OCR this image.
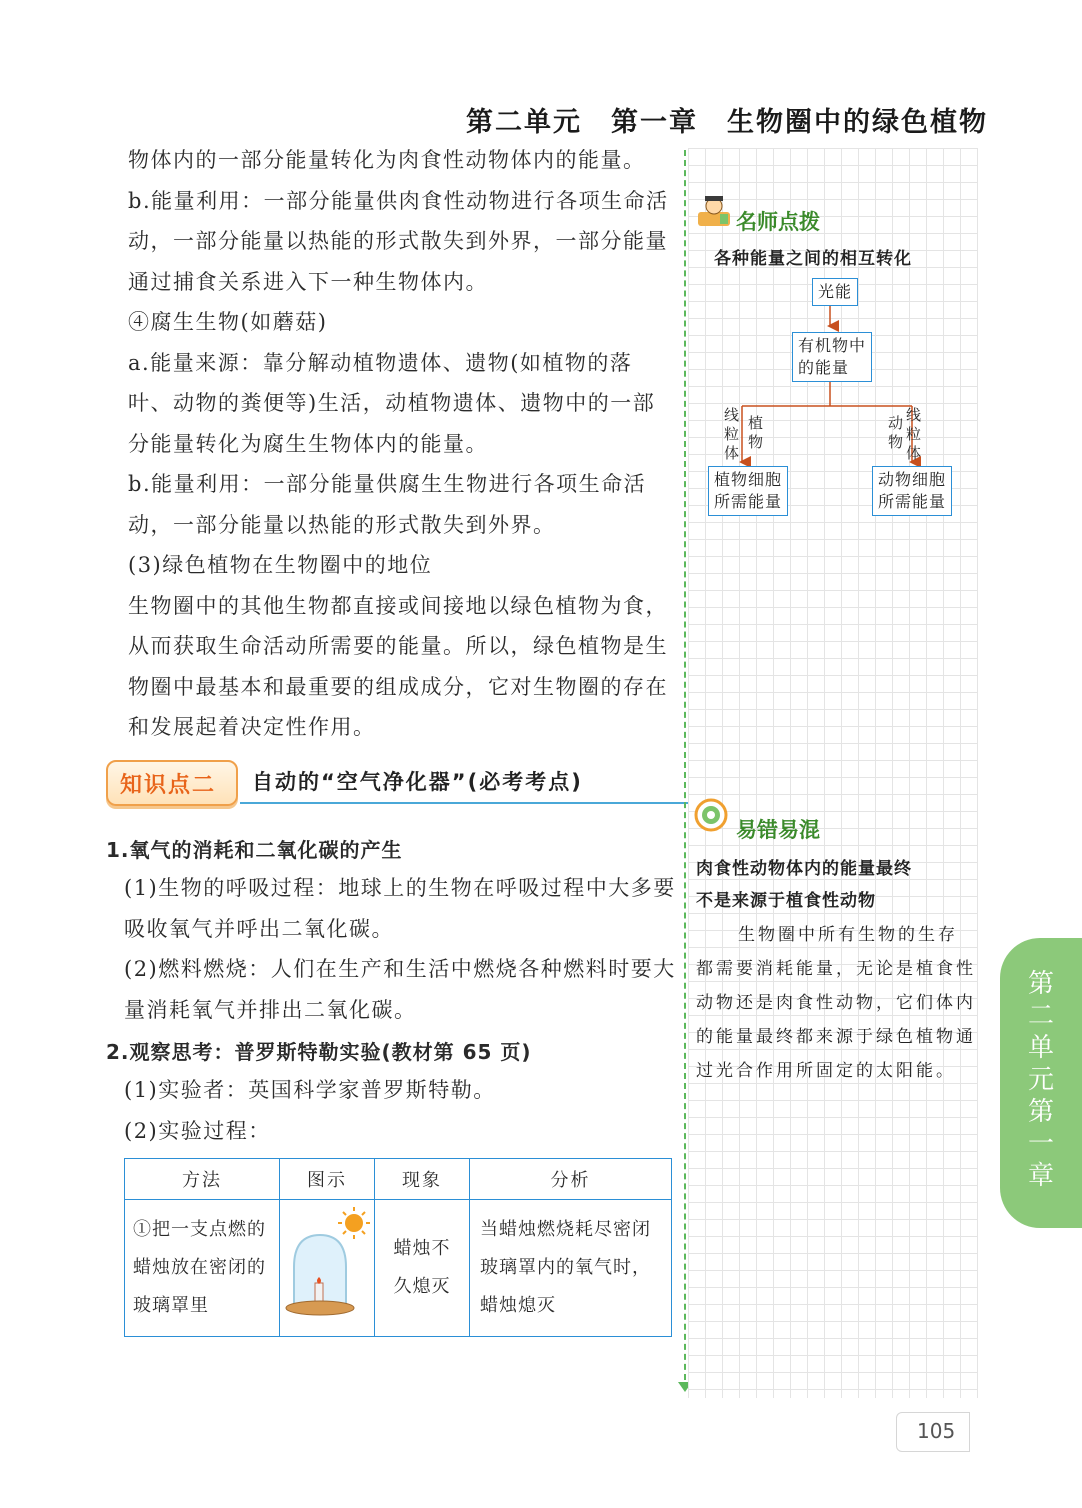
第二单元　第一章　生物圈中的绿色植物

物体内的一部分能量转化为肉食性动物体内的能量。

b.能量利用：一部分能量供肉食性动物进行各项生命活动，一部分能量以热能的形式散失到外界，一部分能量通过捕食关系进入下一种生物体内。

④腐生生物(如蘑菇)

a.能量来源：靠分解动植物遗体、遗物(如植物的落叶、动物的粪便等)生活，动植物遗体、遗物中的一部分能量转化为腐生生物体内的能量。

b.能量利用：一部分能量供腐生生物进行各项生命活动，一部分能量以热能的形式散失到外界。

(3)绿色植物在生物圈中的地位

生物圈中的其他生物都直接或间接地以绿色植物为食，从而获取生命活动所需要的能量。所以，绿色植物是生物圈中最基本和最重要的组成成分，它对生物圈的存在和发展起着决定性作用。

知识点二 自动的“空气净化器”(必考考点)
1.氧气的消耗和二氧化碳的产生

(1)生物的呼吸过程：地球上的生物在呼吸过程中大多要吸收氧气并呼出二氧化碳。

(2)燃料燃烧：人们在生产和生活中燃烧各种燃料时要大量消耗氧气并排出二氧化碳。

2.观察思考：普罗斯特勒实验(教材第 65 页)

(1)实验者：英国科学家普罗斯特勒。

(2)实验过程：

方法	图示	现象	分析
①把一支点燃的蜡烛放在密闭的玻璃罩里		蜡烛不久熄灭	当蜡烛燃烧耗尽密闭玻璃罩内的氧气时，蜡烛熄灭
名师点拨
各种能量之间的相互转化
光能
有机物中
的能量
线粒体
植物
动物
线粒体
植物细胞
所需能量
动物细胞
所需能量
易错易混
肉食性动物体内的能量最终
不是来源于植食性动物
生物圈中所有生物的生存都需要消耗能量，无论是植食性动物还是肉食性动物，它们体内的能量最终都来源于绿色植物通过光合作用所固定的太阳能。
第二单元 第一章
105
